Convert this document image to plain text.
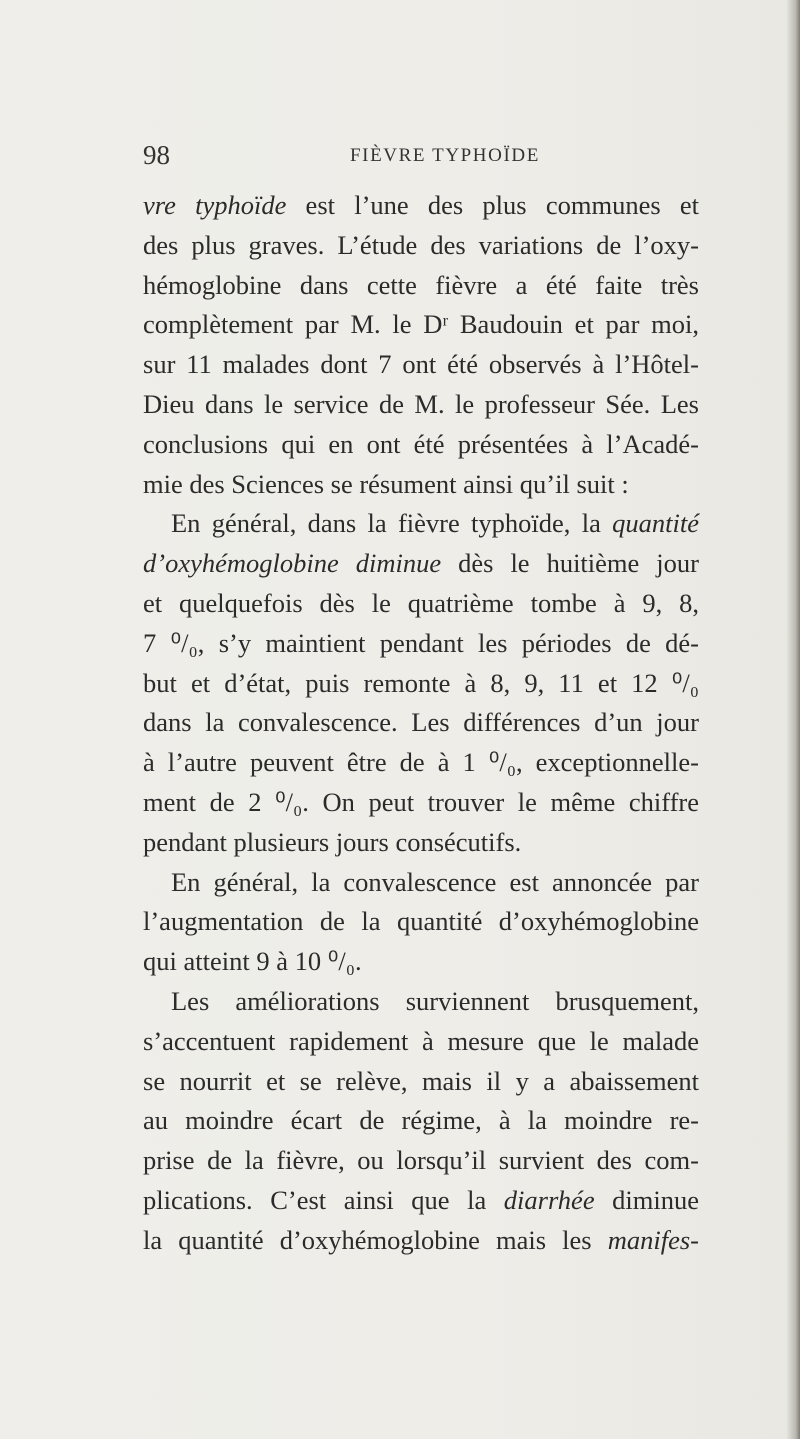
98	FIÈVRE TYPHOÏDE
vre typhoïde est l’une des plus communes et
des plus graves. L’étude des variations de l’oxy-
hémoglobine dans cette fièvre a été faite très
complètement par M. le Dʳ Baudouin et par moi,
sur 11 malades dont 7 ont été observés à l’Hôtel-
Dieu dans le service de M. le professeur Sée. Les
conclusions qui en ont été présentées à l’Acadé-
mie des Sciences se résument ainsi qu’il suit :
En général, dans la fièvre typhoïde, la quantité
d’oxyhémoglobine diminue dès le huitième jour
et quelquefois dès le quatrième tombe à 9, 8,
7 ⁰/₀, s’y maintient pendant les périodes de dé-
but et d’état, puis remonte à 8, 9, 11 et 12 ⁰/₀
dans la convalescence. Les différences d’un jour
à l’autre peuvent être de à 1 ⁰/₀, exceptionnelle-
ment de 2 ⁰/₀. On peut trouver le même chiffre
pendant plusieurs jours consécutifs.
En général, la convalescence est annoncée par
l’augmentation de la quantité d’oxyhémoglobine
qui atteint 9 à 10 ⁰/₀.
Les améliorations surviennent brusquement,
s’accentuent rapidement à mesure que le malade
se nourrit et se relève, mais il y a abaissement
au moindre écart de régime, à la moindre re-
prise de la fièvre, ou lorsqu’il survient des com-
plications. C’est ainsi que la diarrhée diminue
la quantité d’oxyhémoglobine mais les manifes-
